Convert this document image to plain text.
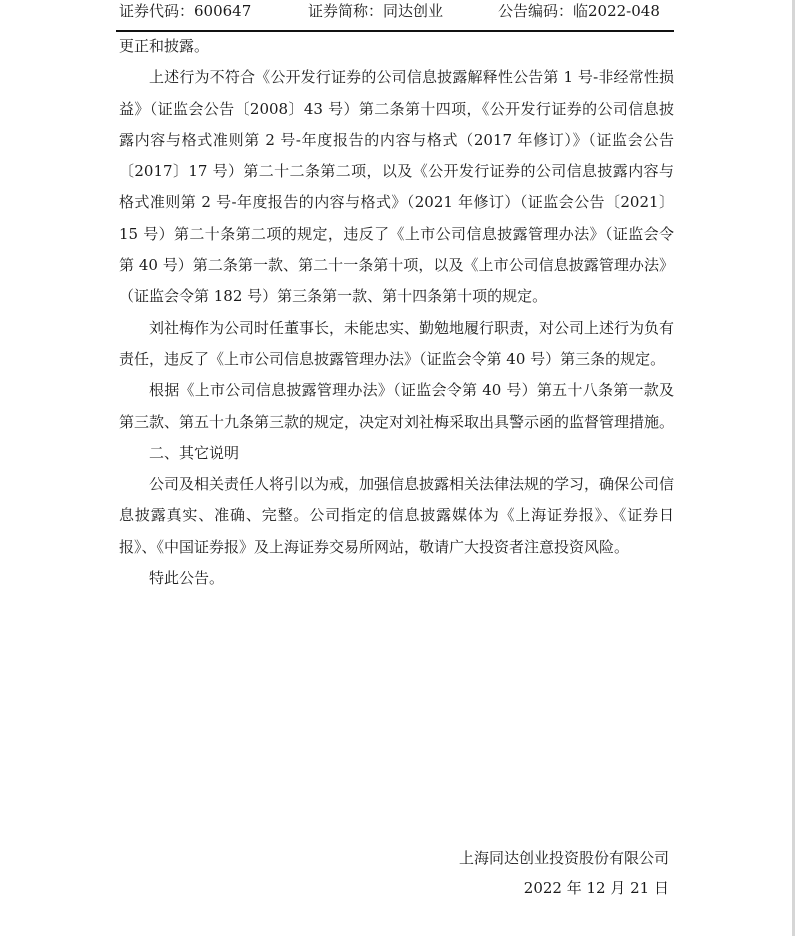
证券代码：600647	证券简称：同达创业	公告编码：临2022-048

更正和披露。

上述行为不符合《公开发行证券的公司信息披露解释性公告第 1 号-非经常性损益》（证监会公告〔2008〕43 号）第二条第十四项，《公开发行证券的公司信息披露内容与格式准则第 2 号-年度报告的内容与格式（2017 年修订）》（证监会公告〔2017〕17 号）第二十二条第二项，以及《公开发行证券的公司信息披露内容与格式准则第 2 号-年度报告的内容与格式》（2021 年修订）（证监会公告〔2021〕15 号）第二十条第二项的规定，违反了《上市公司信息披露管理办法》（证监会令第 40 号）第二条第一款、第二十一条第十项，以及《上市公司信息披露管理办法》（证监会令第 182 号）第三条第一款、第十四条第十项的规定。

刘社梅作为公司时任董事长，未能忠实、勤勉地履行职责，对公司上述行为负有责任，违反了《上市公司信息披露管理办法》（证监会令第 40 号）第三条的规定。

根据《上市公司信息披露管理办法》（证监会令第 40 号）第五十八条第一款及第三款、第五十九条第三款的规定，决定对刘社梅采取出具警示函的监督管理措施。

二、其它说明

公司及相关责任人将引以为戒，加强信息披露相关法律法规的学习，确保公司信息披露真实、准确、完整。公司指定的信息披露媒体为《上海证券报》、《证券日报》、《中国证券报》及上海证券交易所网站，敬请广大投资者注意投资风险。

特此公告。

上海同达创业投资股份有限公司
2022 年 12 月 21 日
